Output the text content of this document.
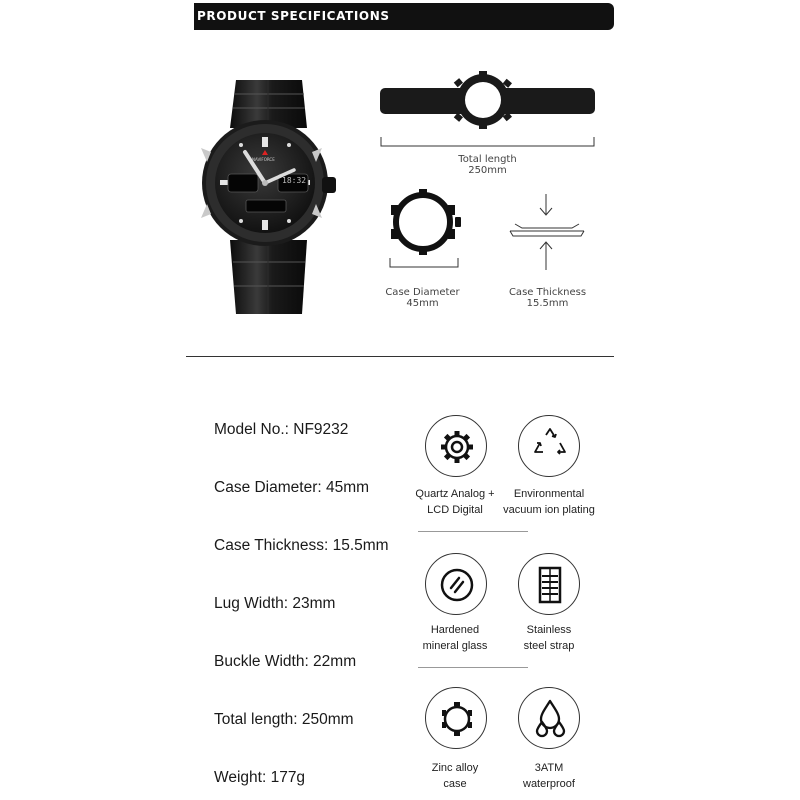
PRODUCT SPECIFICATIONS
NAVIFORCE
18:32
Total length
250mm
Case Diameter
45mm
Case Thickness
15.5mm
Model No.: NF9232
Case Diameter: 45mm
Case Thickness: 15.5mm
Lug Width: 23mm
Buckle Width: 22mm
Total length: 250mm
Weight: 177g
Quartz Analog +
LCD Digital
Environmental
vacuum ion plating
Hardened
mineral glass
Stainless
steel strap
Zinc alloy
case
3ATM
waterproof
